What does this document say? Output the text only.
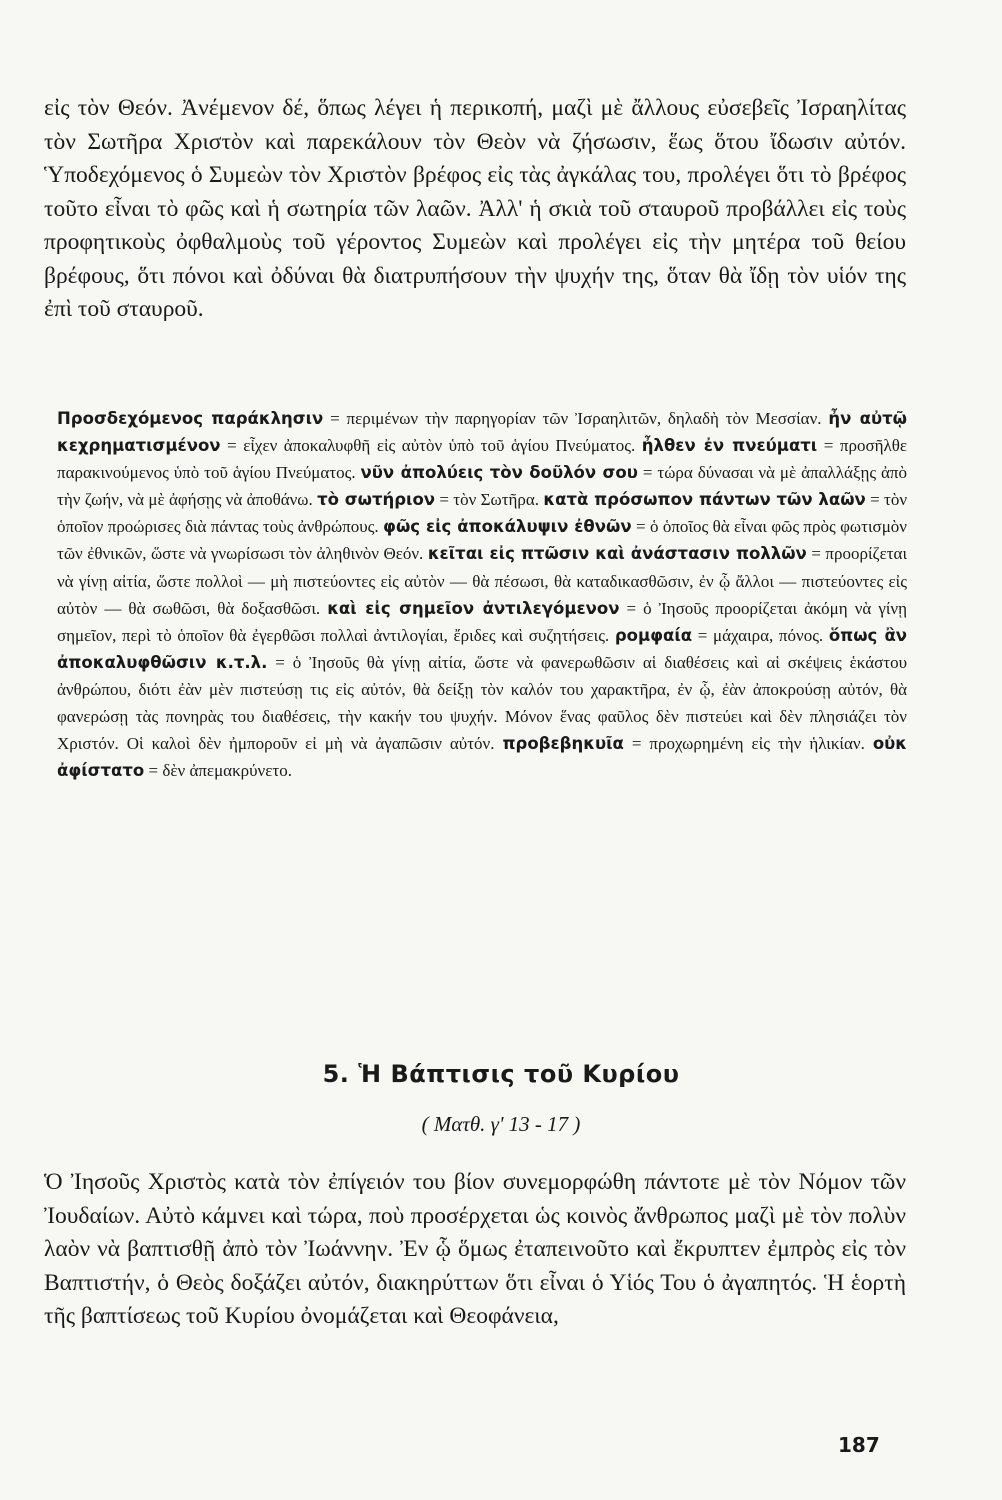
εἰς τὸν Θεόν. Ἀνέμενον δέ, ὅπως λέγει ἡ περικοπή, μαζὶ μὲ ἄλλους εὐσεβεῖς Ἰσραηλίτας τὸν Σωτῆρα Χριστὸν καὶ παρεκάλουν τὸν Θεὸν νὰ ζήσωσιν, ἕως ὅτου ἴδωσιν αὐτόν. Ὑποδεχόμενος ὁ Συμεὼν τὸν Χριστὸν βρέφος εἰς τὰς ἀγκάλας του, προλέγει ὅτι τὸ βρέφος τοῦτο εἶναι τὸ φῶς καὶ ἡ σωτηρία τῶν λαῶν. Ἀλλ' ἡ σκιὰ τοῦ σταυροῦ προβάλλει εἰς τοὺς προφητικοὺς ὀφθαλμοὺς τοῦ γέροντος Συμεὼν καὶ προλέγει εἰς τὴν μητέρα τοῦ θείου βρέφους, ὅτι πόνοι καὶ ὀδύναι θὰ διατρυπήσουν τὴν ψυχήν της, ὅταν θὰ ἴδῃ τὸν υἱόν της ἐπὶ τοῦ σταυροῦ.

Προσδεχόμενος παράκλησιν = περιμένων τὴν παρηγορίαν τῶν Ἰσραηλιτῶν, δηλαδὴ τὸν Μεσσίαν. ἦν αὐτῷ κεχρηματισμένον = εἶχεν ἀποκαλυφθῆ εἰς αὐτὸν ὑπὸ τοῦ ἁγίου Πνεύματος. ἦλθεν ἐν πνεύματι = προσῆλθε παρακινούμενος ὑπὸ τοῦ ἁγίου Πνεύματος. νῦν ἀπολύεις τὸν δοῦλόν σου = τώρα δύνασαι νὰ μὲ ἀπαλλάξῃς ἀπὸ τὴν ζωήν, νὰ μὲ ἀφήσῃς νὰ ἀποθάνω. τὸ σωτήριον = τὸν Σωτῆρα. κατὰ πρόσωπον πάντων τῶν λαῶν = τὸν ὁποῖον προώρισες διὰ πάντας τοὺς ἀνθρώπους. φῶς εἰς ἀποκάλυψιν ἐθνῶν = ὁ ὁποῖος θὰ εἶναι φῶς πρὸς φωτισμὸν τῶν ἐθνικῶν, ὥστε νὰ γνωρίσωσι τὸν ἀληθινὸν Θεόν. κεῖται εἰς πτῶσιν καὶ ἀνάστασιν πολλῶν = προορίζεται νὰ γίνῃ αἰτία, ὥστε πολλοὶ — μὴ πιστεύοντες εἰς αὐτὸν — θὰ πέσωσι, θὰ καταδικασθῶσιν, ἐν ᾧ ἄλλοι — πιστεύοντες εἰς αὐτὸν — θὰ σωθῶσι, θὰ δοξασθῶσι. καὶ εἰς σημεῖον ἀντιλεγόμενον = ὁ Ἰησοῦς προορίζεται ἀκόμη νὰ γίνῃ σημεῖον, περὶ τὸ ὁποῖον θὰ ἐγερθῶσι πολλαὶ ἀντιλογίαι, ἔριδες καὶ συζητήσεις. ρομφαία = μάχαιρα, πόνος. ὅπως ἂν ἀποκαλυφθῶσιν κ.τ.λ. = ὁ Ἰησοῦς θὰ γίνῃ αἰτία, ὥστε νὰ φανερωθῶσιν αἱ διαθέσεις καὶ αἱ σκέψεις ἑκάστου ἀνθρώπου, διότι ἐὰν μὲν πιστεύσῃ τις εἰς αὐτόν, θὰ δείξῃ τὸν καλόν του χαρακτῆρα, ἐν ᾧ, ἐὰν ἀποκρούσῃ αὐτόν, θὰ φανερώσῃ τὰς πονηρὰς του διαθέσεις, τὴν κακήν του ψυχήν. Μόνον ἕνας φαῦλος δὲν πιστεύει καὶ δὲν πλησιάζει τὸν Χριστόν. Οἱ καλοὶ δὲν ἠμποροῦν εἰ μὴ νὰ ἀγαπῶσιν αὐτόν. προβεβηκυῖα = προχωρημένη εἰς τὴν ἡλικίαν. οὐκ ἀφίστατο = δὲν ἀπεμακρύνετο.

5. Ἡ Βάπτισις τοῦ Κυρίου

( Ματθ. γ' 13 - 17 )

Ὁ Ἰησοῦς Χριστὸς κατὰ τὸν ἐπίγειόν του βίον συνεμορφώθη πάντοτε μὲ τὸν Νόμον τῶν Ἰουδαίων. Αὐτὸ κάμνει καὶ τώρα, ποὺ προσέρχεται ὡς κοινὸς ἄνθρωπος μαζὶ μὲ τὸν πολὺν λαὸν νὰ βαπτισθῇ ἀπὸ τὸν Ἰωάννην. Ἐν ᾧ ὅμως ἐταπεινοῦτο καὶ ἔκρυπτεν ἐμπρὸς εἰς τὸν Βαπτιστήν, ὁ Θεὸς δοξάζει αὐτόν, διακηρύττων ὅτι εἶναι ὁ Υἱός Του ὁ ἀγαπητός. Ἡ ἑορτὴ τῆς βαπτίσεως τοῦ Κυρίου ὀνομάζεται καὶ Θεοφάνεια,

187
